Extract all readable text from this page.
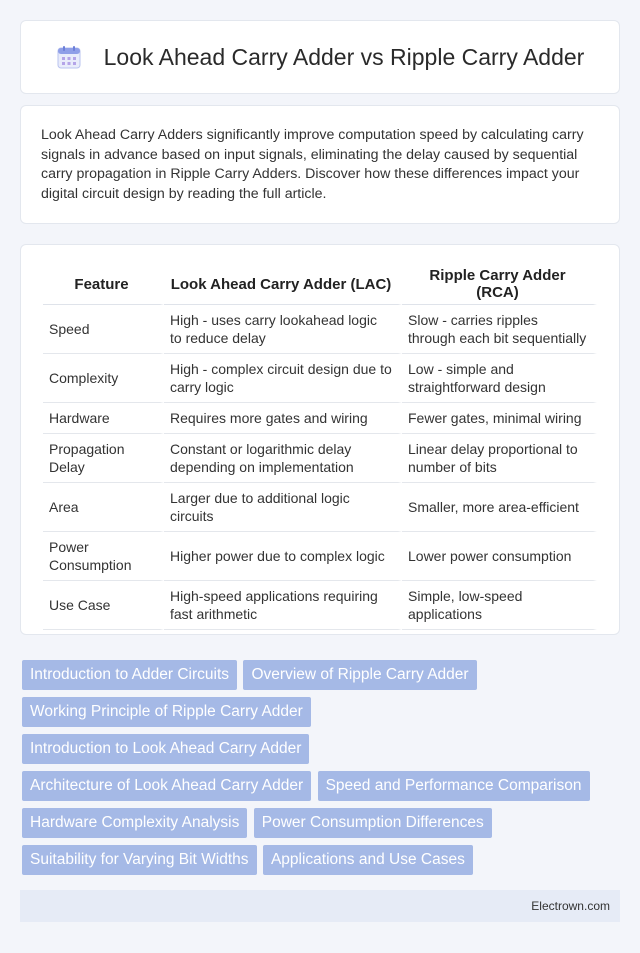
Look Ahead Carry Adder vs Ripple Carry Adder

Look Ahead Carry Adders significantly improve computation speed by calculating carry signals in advance based on input signals, eliminating the delay caused by sequential carry propagation in Ripple Carry Adders. Discover how these differences impact your digital circuit design by reading the full article.

Feature	Look Ahead Carry Adder (LAC)	Ripple Carry Adder (RCA)
Speed	High - uses carry lookahead logic to reduce delay	Slow - carries ripples through each bit sequentially
Complexity	High - complex circuit design due to carry logic	Low - simple and straightforward design
Hardware	Requires more gates and wiring	Fewer gates, minimal wiring
Propagation Delay	Constant or logarithmic delay depending on implementation	Linear delay proportional to number of bits
Area	Larger due to additional logic circuits	Smaller, more area-efficient
Power Consumption	Higher power due to complex logic	Lower power consumption
Use Case	High-speed applications requiring fast arithmetic	Simple, low-speed applications
Introduction to Adder Circuits Overview of Ripple Carry Adder
Working Principle of Ripple Carry Adder
Introduction to Look Ahead Carry Adder
Architecture of Look Ahead Carry Adder Speed and Performance Comparison
Hardware Complexity Analysis Power Consumption Differences
Suitability for Varying Bit Widths Applications and Use Cases
Electrown.com
